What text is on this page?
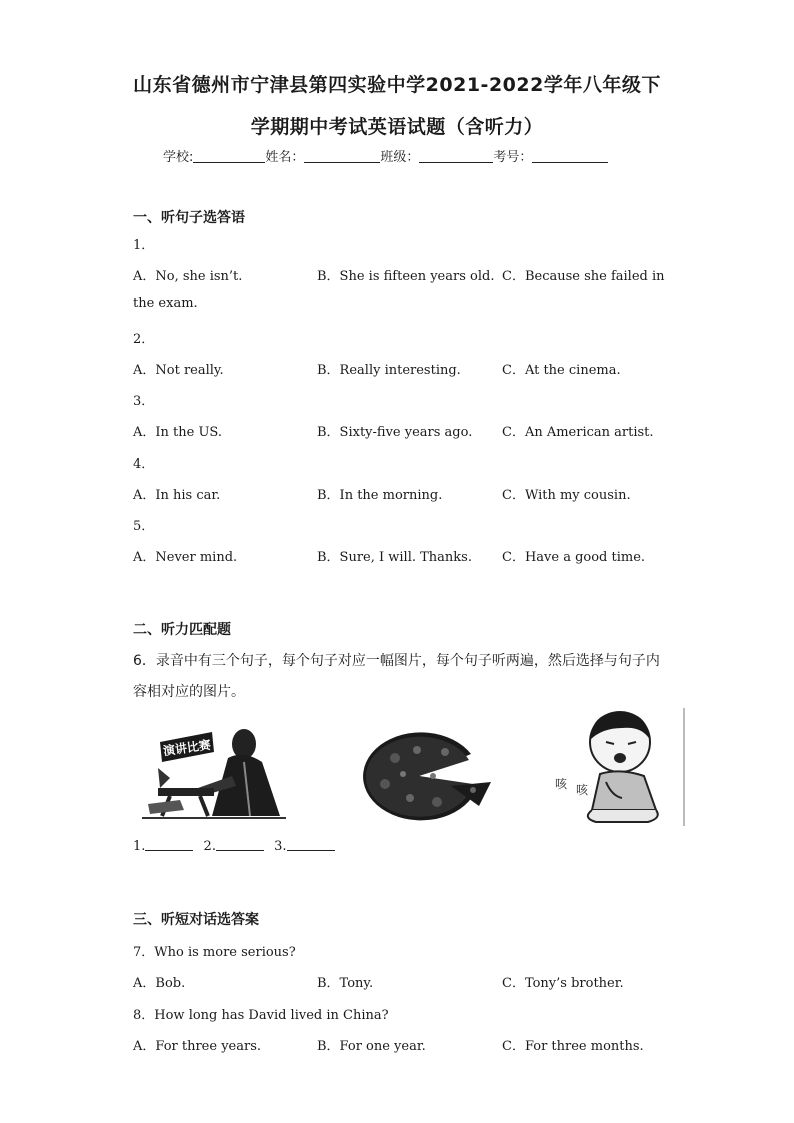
山东省德州市宁津县第四实验中学2021-2022学年八年级下
学期期中考试英语试题（含听力）
学校:	姓名：	班级：	考号：
一、听句子选答语
1．
A．No, she isn’t.	B．She is fifteen years old. C．Because she failed in
the exam.
2．
A．Not really.	B．Really interesting.	C．At the cinema.
3．
A．In the US.	B．Sixty-five years ago. C．An American artist.
4．
A．In his car.	B．In the morning.	C．With my cousin.
5．
A．Never mind.	B．Sure, I will. Thanks. C．Have a good time.
二、听力匹配题
6．录音中有三个句子，每个句子对应一幅图片，每个句子听两遍，然后选择与句子内
容相对应的图片。
演讲比赛
咳 咳
1.	2.	3.
三、听短对话选答案
7．Who is more serious?
A．Bob.	B．Tony.	C．Tony’s brother.
8．How long has David lived in China?
A．For three years.	B．For one year.	C．For three months.
